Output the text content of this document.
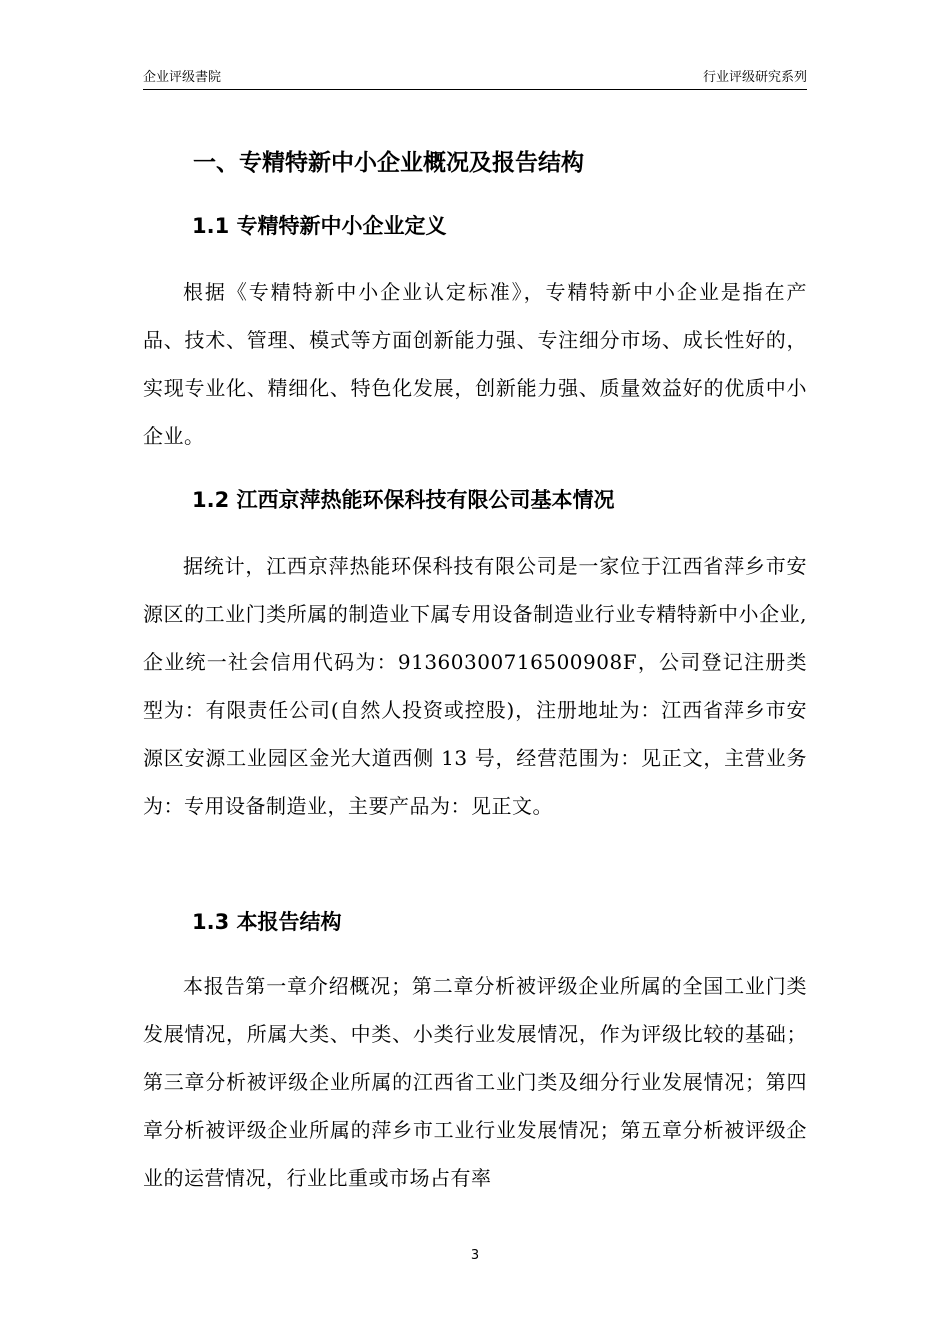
企业评级書院	行业评级研究系列
一、专精特新中小企业概况及报告结构
1.1 专精特新中小企业定义
根据《专精特新中小企业认定标准》，专精特新中小企业是指在产品、技术、管理、模式等方面创新能力强、专注细分市场、成长性好的，实现专业化、精细化、特色化发展，创新能力强、质量效益好的优质中小企业。
1.2 江西京萍热能环保科技有限公司基本情况
据统计，江西京萍热能环保科技有限公司是一家位于江西省萍乡市安源区的工业门类所属的制造业下属专用设备制造业行业专精特新中小企业,企业统一社会信用代码为：91360300716500908F，公司登记注册类型为：有限责任公司(自然人投资或控股)，注册地址为：江西省萍乡市安源区安源工业园区金光大道西侧 13 号，经营范围为：见正文，主营业务为：专用设备制造业，主要产品为：见正文。
1.3 本报告结构
本报告第一章介绍概况；第二章分析被评级企业所属的全国工业门类发展情况，所属大类、中类、小类行业发展情况，作为评级比较的基础；第三章分析被评级企业所属的江西省工业门类及细分行业发展情况；第四章分析被评级企业所属的萍乡市工业行业发展情况；第五章分析被评级企业的运营情况，行业比重或市场占有率
3
